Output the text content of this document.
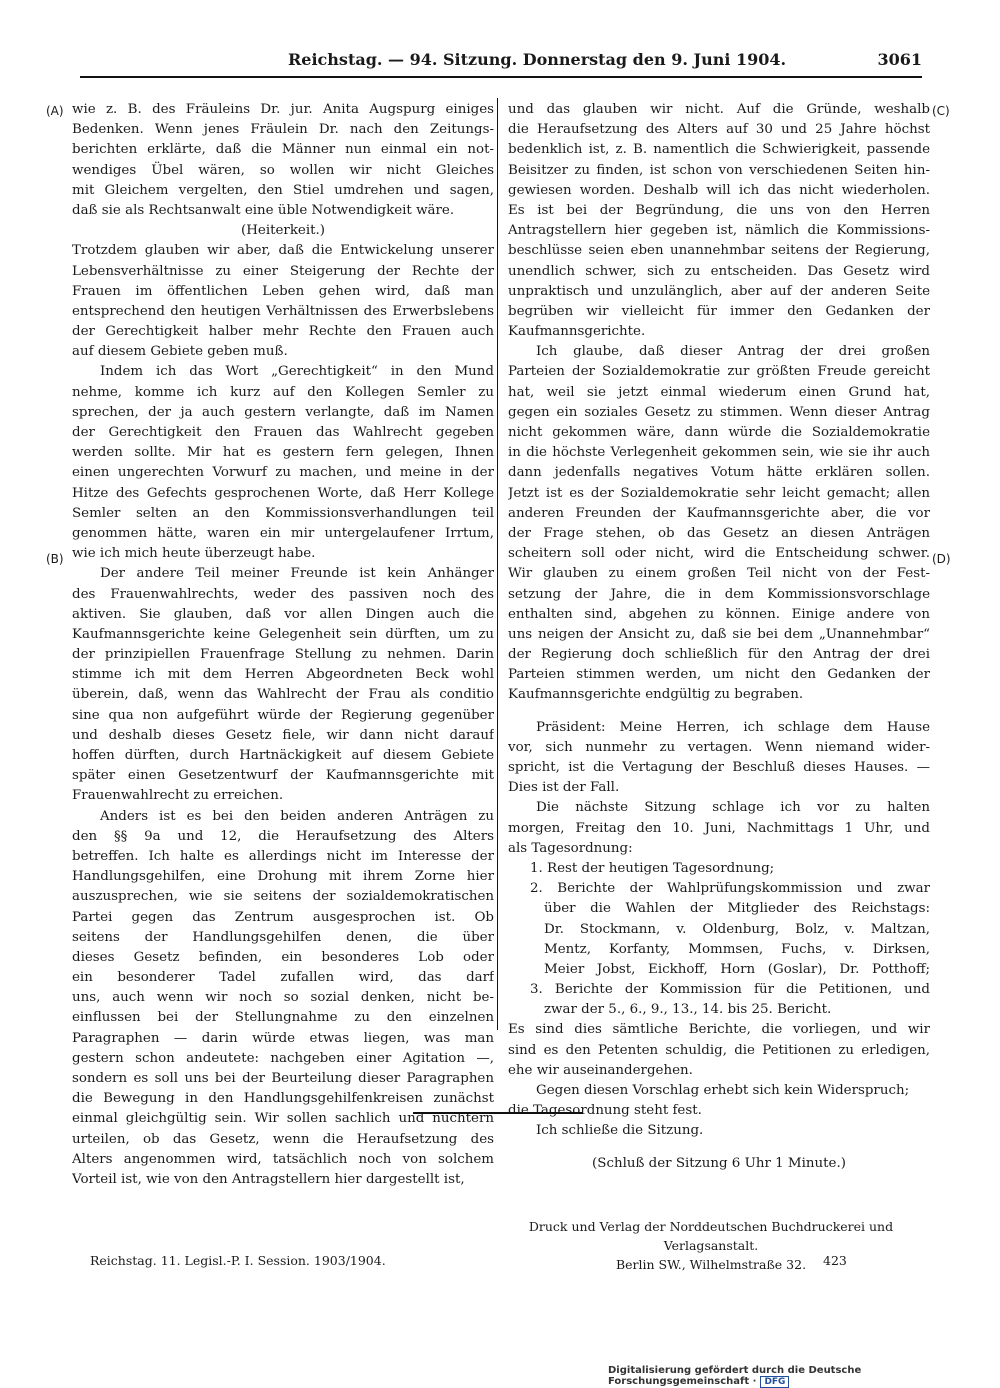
Reichstag. — 94. Sitzung. Donnerstag den 9. Juni 1904.	3061
(A)
(B)
(C)
(D)
wie z. B. des Fräuleins Dr. jur. Anita Augspurg einiges
Bedenken. Wenn jenes Fräulein Dr. nach den Zeitungs-
berichten erklärte, daß die Männer nun einmal ein not-
wendiges Übel wären, so wollen wir nicht Gleiches
mit Gleichem vergelten, den Stiel umdrehen und sagen,
daß sie als Rechtsanwalt eine üble Notwendigkeit wäre.
(Heiterkeit.)
Trotzdem glauben wir aber, daß die Entwickelung unserer
Lebensverhältnisse zu einer Steigerung der Rechte der
Frauen im öffentlichen Leben gehen wird, daß man
entsprechend den heutigen Verhältnissen des Erwerbslebens
der Gerechtigkeit halber mehr Rechte den Frauen auch
auf diesem Gebiete geben muß.
Indem ich das Wort „Gerechtigkeit“ in den Mund
nehme, komme ich kurz auf den Kollegen Semler zu
sprechen, der ja auch gestern verlangte, daß im Namen
der Gerechtigkeit den Frauen das Wahlrecht gegeben
werden sollte. Mir hat es gestern fern gelegen, Ihnen
einen ungerechten Vorwurf zu machen, und meine in der
Hitze des Gefechts gesprochenen Worte, daß Herr Kollege
Semler selten an den Kommissionsverhandlungen teil
genommen hätte, waren ein mir untergelaufener Irrtum,
wie ich mich heute überzeugt habe.
Der andere Teil meiner Freunde ist kein Anhänger
des Frauenwahlrechts, weder des passiven noch des
aktiven. Sie glauben, daß vor allen Dingen auch die
Kaufmannsgerichte keine Gelegenheit sein dürften, um zu
der prinzipiellen Frauenfrage Stellung zu nehmen. Darin
stimme ich mit dem Herren Abgeordneten Beck wohl
überein, daß, wenn das Wahlrecht der Frau als conditio
sine qua non aufgeführt würde der Regierung gegenüber
und deshalb dieses Gesetz fiele, wir dann nicht darauf
hoffen dürften, durch Hartnäckigkeit auf diesem Gebiete
später einen Gesetzentwurf der Kaufmannsgerichte mit
Frauenwahlrecht zu erreichen.
Anders ist es bei den beiden anderen Anträgen zu
den §§ 9a und 12, die Heraufsetzung des Alters
betreffen. Ich halte es allerdings nicht im Interesse der
Handlungsgehilfen, eine Drohung mit ihrem Zorne hier
auszusprechen, wie sie seitens der sozialdemokratischen
Partei gegen das Zentrum ausgesprochen ist. Ob
seitens der Handlungsgehilfen denen, die über
dieses Gesetz befinden, ein besonderes Lob oder
ein besonderer Tadel zufallen wird, das darf
uns, auch wenn wir noch so sozial denken, nicht be-
einflussen bei der Stellungnahme zu den einzelnen
Paragraphen — darin würde etwas liegen, was man
gestern schon andeutete: nachgeben einer Agitation —,
sondern es soll uns bei der Beurteilung dieser Paragraphen
die Bewegung in den Handlungsgehilfenkreisen zunächst
einmal gleichgültig sein. Wir sollen sachlich und nüchtern
urteilen, ob das Gesetz, wenn die Heraufsetzung des
Alters angenommen wird, tatsächlich noch von solchem
Vorteil ist, wie von den Antragstellern hier dargestellt ist,
und das glauben wir nicht. Auf die Gründe, weshalb
die Heraufsetzung des Alters auf 30 und 25 Jahre höchst
bedenklich ist, z. B. namentlich die Schwierigkeit, passende
Beisitzer zu finden, ist schon von verschiedenen Seiten hin-
gewiesen worden. Deshalb will ich das nicht wiederholen.
Es ist bei der Begründung, die uns von den Herren
Antragstellern hier gegeben ist, nämlich die Kommissions-
beschlüsse seien eben unannehmbar seitens der Regierung,
unendlich schwer, sich zu entscheiden. Das Gesetz wird
unpraktisch und unzulänglich, aber auf der anderen Seite
begrüben wir vielleicht für immer den Gedanken der
Kaufmannsgerichte.
Ich glaube, daß dieser Antrag der drei großen
Parteien der Sozialdemokratie zur größten Freude gereicht
hat, weil sie jetzt einmal wiederum einen Grund hat,
gegen ein soziales Gesetz zu stimmen. Wenn dieser Antrag
nicht gekommen wäre, dann würde die Sozialdemokratie
in die höchste Verlegenheit gekommen sein, wie sie ihr auch
dann jedenfalls negatives Votum hätte erklären sollen.
Jetzt ist es der Sozialdemokratie sehr leicht gemacht; allen
anderen Freunden der Kaufmannsgerichte aber, die vor
der Frage stehen, ob das Gesetz an diesen Anträgen
scheitern soll oder nicht, wird die Entscheidung schwer.
Wir glauben zu einem großen Teil nicht von der Fest-
setzung der Jahre, die in dem Kommissionsvorschlage
enthalten sind, abgehen zu können. Einige andere von
uns neigen der Ansicht zu, daß sie bei dem „Unannehmbar“
der Regierung doch schließlich für den Antrag der drei
Parteien stimmen werden, um nicht den Gedanken der
Kaufmannsgerichte endgültig zu begraben.
Präsident: Meine Herren, ich schlage dem Hause
vor, sich nunmehr zu vertagen. Wenn niemand wider-
spricht, ist die Vertagung der Beschluß dieses Hauses. —
Dies ist der Fall.
Die nächste Sitzung schlage ich vor zu halten
morgen, Freitag den 10. Juni, Nachmittags 1 Uhr, und
als Tagesordnung:
1. Rest der heutigen Tagesordnung;
2. Berichte der Wahlprüfungskommission und zwar
über die Wahlen der Mitglieder des Reichstags:
Dr. Stockmann, v. Oldenburg, Bolz, v. Maltzan,
Mentz, Korfanty, Mommsen, Fuchs, v. Dirksen,
Meier Jobst, Eickhoff, Horn (Goslar), Dr. Potthoff;
3. Berichte der Kommission für die Petitionen, und
zwar der 5., 6., 9., 13., 14. bis 25. Bericht.
Es sind dies sämtliche Berichte, die vorliegen, und wir
sind es den Petenten schuldig, die Petitionen zu erledigen,
ehe wir auseinandergehen.
Gegen diesen Vorschlag erhebt sich kein Widerspruch;
die Tagesordnung steht fest.
Ich schließe die Sitzung.
(Schluß der Sitzung 6 Uhr 1 Minute.)
Druck und Verlag der Norddeutschen Buchdruckerei und Verlagsanstalt.
Berlin SW., Wilhelmstraße 32.
Reichstag. 11. Legisl.-P. I. Session. 1903/1904.	423
Digitalisierung gefördert durch die Deutsche Forschungsgemeinschaft · DFG
